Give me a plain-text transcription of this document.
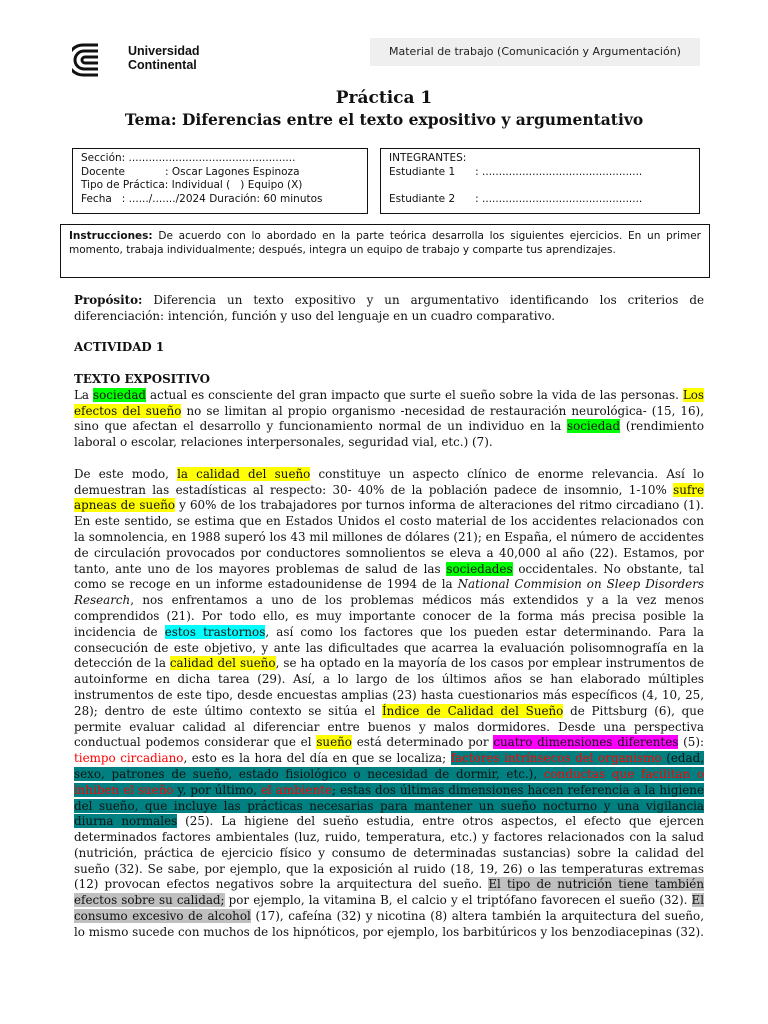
Universidad
Continental
Material de trabajo (Comunicación y Argumentación)
Práctica 1
Tema: Diferencias entre el texto expositivo y argumentativo
Sección: ..................................................
Docente            : Oscar Lagones Espinoza
Tipo de Práctica: Individual (   ) Equipo (X)
Fecha   : ....../......./2024 Duración: 60 minutos
INTEGRANTES:
Estudiante 1      : ................................................
Estudiante 2      : ................................................
Instrucciones: De acuerdo con lo abordado en la parte teórica desarrolla los siguientes ejercicios. En un primer momento, trabaja individualmente; después, integra un equipo de trabajo y comparte tus aprendizajes.

Propósito: Diferencia un texto expositivo y un argumentativo identificando los criterios de diferenciación: intención, función y uso del lenguaje en un cuadro comparativo.

ACTIVIDAD 1

TEXTO EXPOSITIVO

La sociedad actual es consciente del gran impacto que surte el sueño sobre la vida de las personas. Los efectos del sueño no se limitan al propio organismo -necesidad de restauración neurológica- (15, 16), sino que afectan el desarrollo y funcionamiento normal de un individuo en la sociedad (rendimiento laboral o escolar, relaciones interpersonales, seguridad vial, etc.) (7).

De este modo, la calidad del sueño constituye un aspecto clínico de enorme relevancia. Así lo demuestran las estadísticas al respecto: 30- 40% de la población padece de insomnio, 1-10% sufre apneas de sueño y 60% de los trabajadores por turnos informa de alteraciones del ritmo circadiano (1). En este sentido, se estima que en Estados Unidos el costo material de los accidentes relacionados con la somnolencia, en 1988 superó los 43 mil millones de dólares (21); en España, el número de accidentes de circulación provocados por conductores somnolientos se eleva a 40,000 al año (22). Estamos, por tanto, ante uno de los mayores problemas de salud de las sociedades occidentales. No obstante, tal como se recoge en un informe estadounidense de 1994 de la National Commision on Sleep Disorders Research, nos enfrentamos a uno de los problemas médicos más extendidos y a la vez menos comprendidos (21). Por todo ello, es muy importante conocer de la forma más precisa posible la incidencia de estos trastornos, así como los factores que los pueden estar determinando. Para la consecución de este objetivo, y ante las dificultades que acarrea la evaluación polisomnografía en la detección de la calidad del sueño, se ha optado en la mayoría de los casos por emplear instrumentos de autoinforme en dicha tarea (29). Así, a lo largo de los últimos años se han elaborado múltiples instrumentos de este tipo, desde encuestas amplias (23) hasta cuestionarios más específicos (4, 10, 25, 28); dentro de este último contexto se sitúa el Índice de Calidad del Sueño de Pittsburg (6), que permite evaluar calidad al diferenciar entre buenos y malos dormidores. Desde una perspectiva conductual podemos considerar que el sueño está determinado por cuatro dimensiones diferentes (5): tiempo circadiano, esto es la hora del día en que se localiza; factores intrínsecos del organismo (edad, sexo, patrones de sueño, estado fisiológico o necesidad de dormir, etc.), conductas que facilitan o inhiben el sueño y, por último, el ambiente; estas dos últimas dimensiones hacen referencia a la higiene del sueño, que incluye las prácticas necesarias para mantener un sueño nocturno y una vigilancia diurna normales (25). La higiene del sueño estudia, entre otros aspectos, el efecto que ejercen determinados factores ambientales (luz, ruido, temperatura, etc.) y factores relacionados con la salud (nutrición, práctica de ejercicio físico y consumo de determinadas sustancias) sobre la calidad del sueño (32). Se sabe, por ejemplo, que la exposición al ruido (18, 19, 26) o las temperaturas extremas (12) provocan efectos negativos sobre la arquitectura del sueño. El tipo de nutrición tiene también efectos sobre su calidad; por ejemplo, la vitamina B, el calcio y el triptófano favorecen el sueño (32). El consumo excesivo de alcohol (17), cafeína (32) y nicotina (8) altera también la arquitectura del sueño, lo mismo sucede con muchos de los hipnóticos, por ejemplo, los barbitúricos y los benzodiacepinas (32).
